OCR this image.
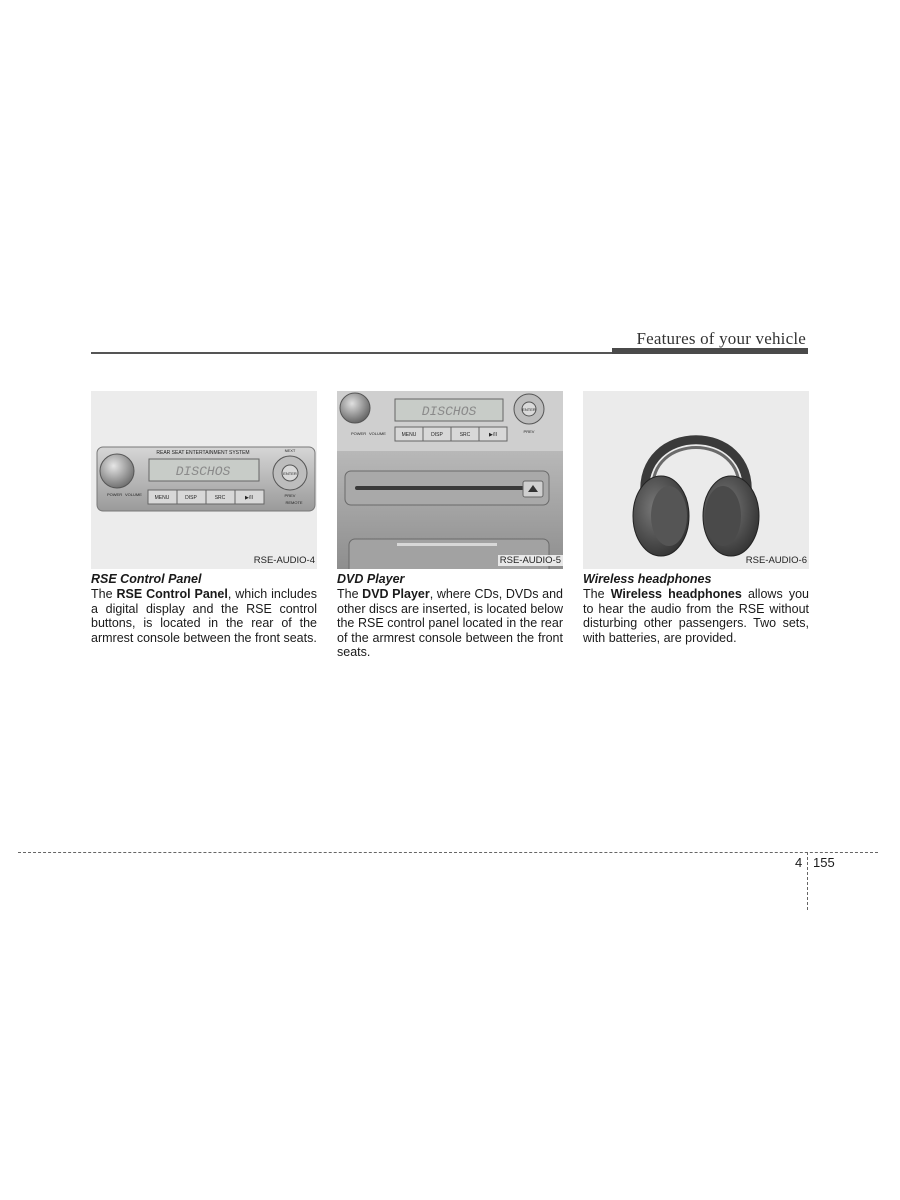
Features of your vehicle
REAR SEAT ENTERTAINMENT SYSTEM
POWER VOLUME
DISCHOS
MENU	DISP	SRC	▶/II
NEXT
ENTER
PREV
REMOTE
RSE-AUDIO-4
POWER VOLUME
DISCHOS
MENU	DISP	SRC	▶/II
ENTER
PREV
RSE-AUDIO-5	RSE-AUDIO-6
RSE Control Panel
The RSE Control Panel, which includes a digital display and the RSE control buttons, is located in the rear of the armrest console between the front seats.
DVD Player
The DVD Player, where CDs, DVDs and other discs are inserted, is located below the RSE control panel located in the rear of the armrest console between the front seats.
Wireless headphones
The Wireless headphones allows you to hear the audio from the RSE without disturbing other passengers. Two sets, with batteries, are provided.
4 155
